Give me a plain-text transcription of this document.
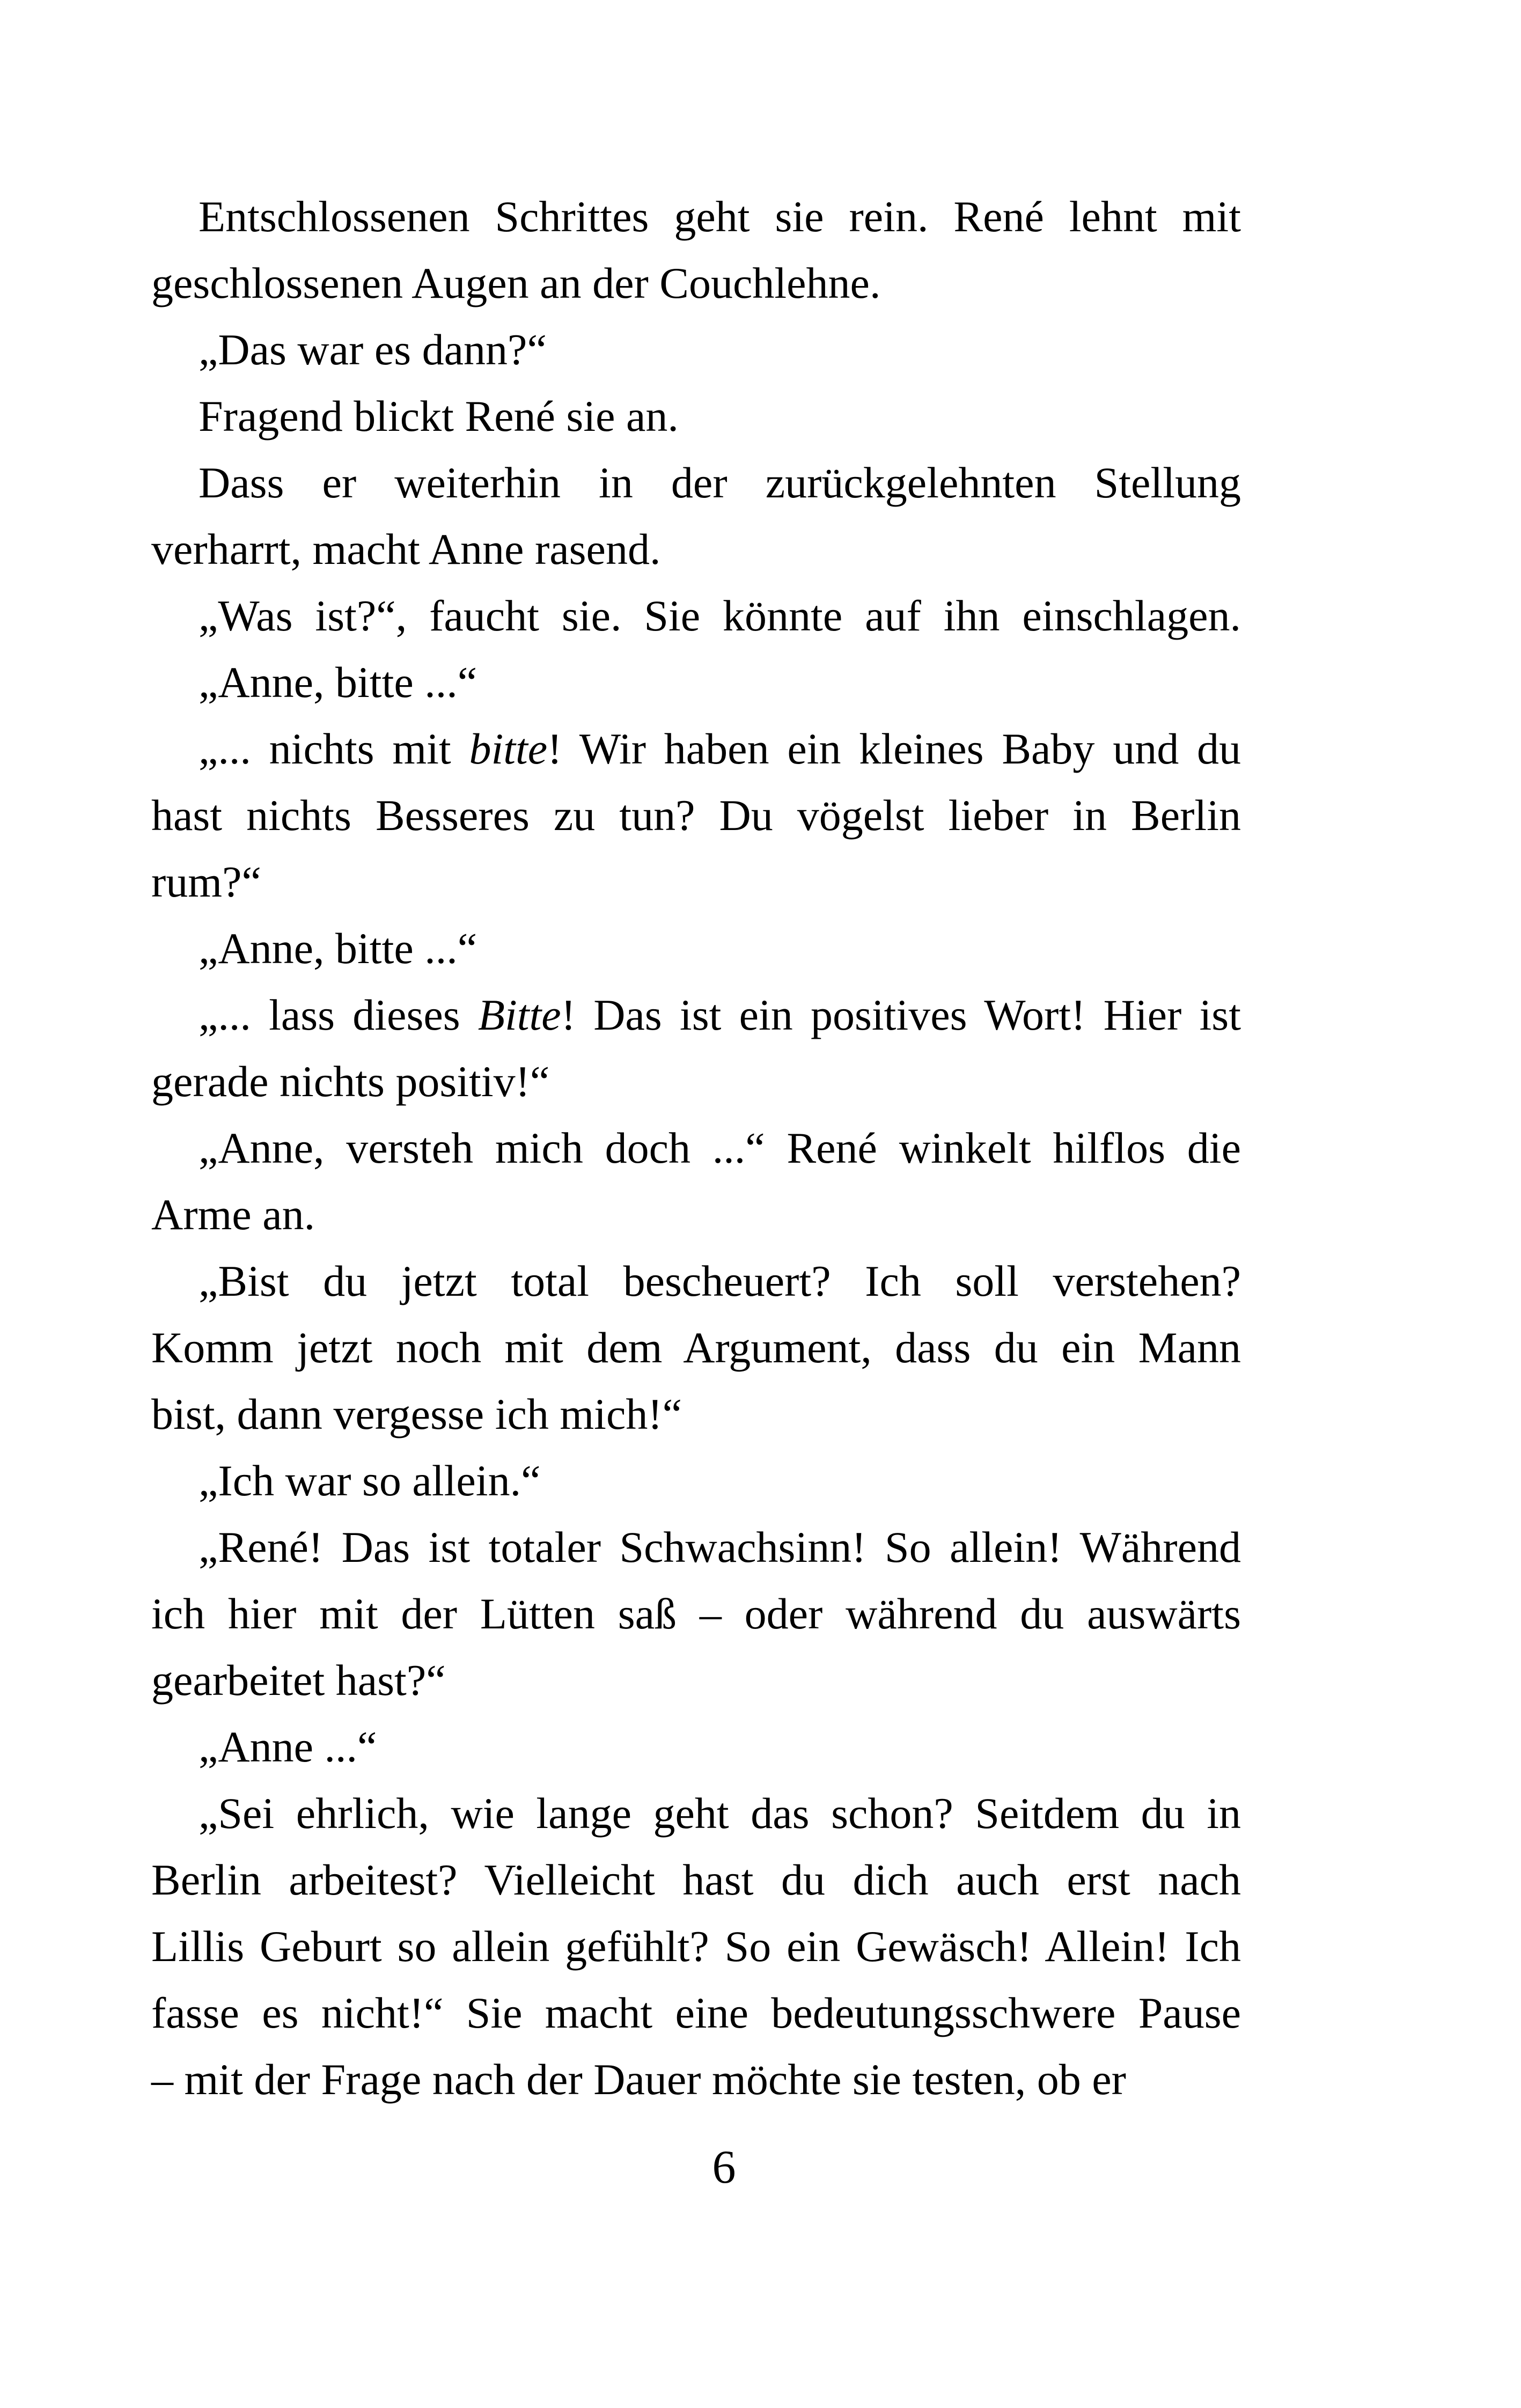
Entschlossenen Schrittes geht sie rein. René lehnt mit

geschlossenen Augen an der Couchlehne.

„Das war es dann?“

Fragend blickt René sie an.

Dass er weiterhin in der zurückgelehnten Stellung

verharrt, macht Anne rasend.

„Was ist?“, faucht sie. Sie könnte auf ihn einschlagen.

„Anne, bitte ...“

„... nichts mit bitte! Wir haben ein kleines Baby und du

hast nichts Besseres zu tun? Du vögelst lieber in Berlin

rum?“

„Anne, bitte ...“

„... lass dieses Bitte! Das ist ein positives Wort! Hier ist

gerade nichts positiv!“

„Anne, versteh mich doch ...“ René winkelt hilflos die

Arme an.

„Bist du jetzt total bescheuert? Ich soll verstehen?

Komm jetzt noch mit dem Argument, dass du ein Mann

bist, dann vergesse ich mich!“

„Ich war so allein.“

„René! Das ist totaler Schwachsinn! So allein! Während

ich hier mit der Lütten saß – oder während du auswärts

gearbeitet hast?“

„Anne ...“

„Sei ehrlich, wie lange geht das schon? Seitdem du in

Berlin arbeitest? Vielleicht hast du dich auch erst nach

Lillis Geburt so allein gefühlt? So ein Gewäsch! Allein! Ich

fasse es nicht!“ Sie macht eine bedeutungsschwere Pause

– mit der Frage nach der Dauer möchte sie testen, ob er

6
